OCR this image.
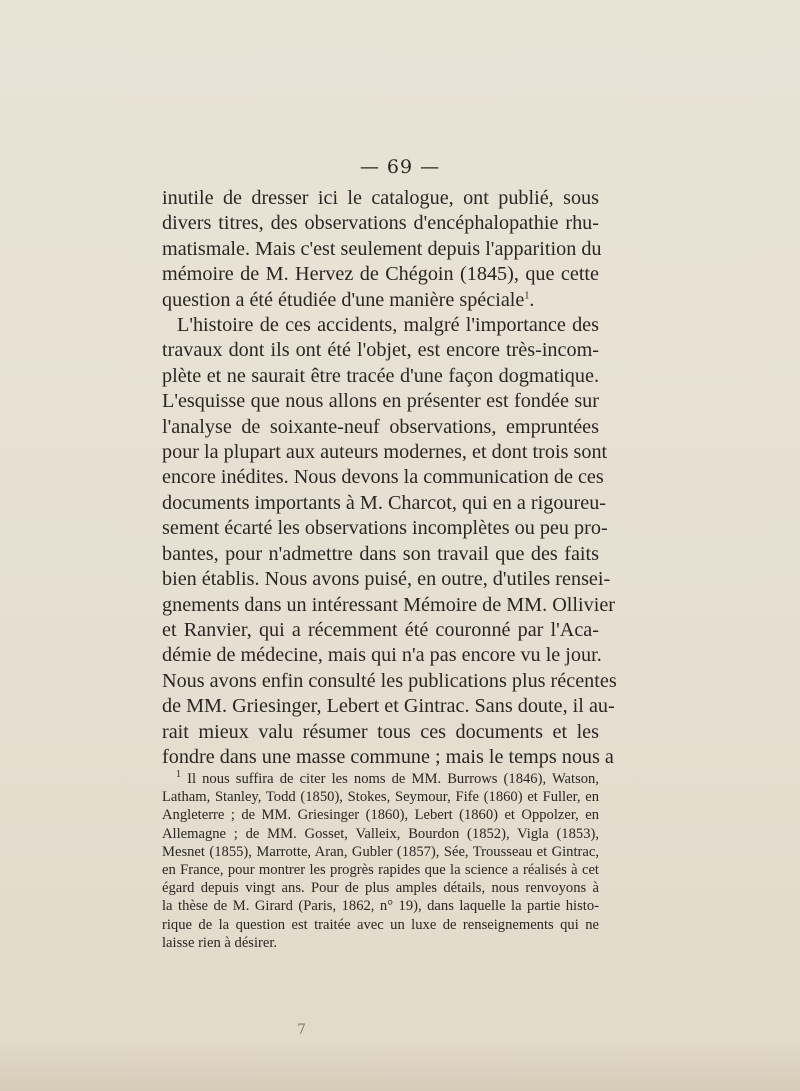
— 69 —
inutile de dresser ici le catalogue, ont publié, sous
divers titres, des observations d'encéphalopathie rhu-
matismale. Mais c'est seulement depuis l'apparition du
mémoire de M. Hervez de Chégoin (1845), que cette
question a été étudiée d'une manière spéciale$^1$.
L'histoire de ces accidents, malgré l'importance des
travaux dont ils ont été l'objet, est encore très-incom-
plète et ne saurait être tracée d'une façon dogmatique.
L'esquisse que nous allons en présenter est fondée sur
l'analyse de soixante-neuf observations, empruntées
pour la plupart aux auteurs modernes, et dont trois sont
encore inédites. Nous devons la communication de ces
documents importants à M. Charcot, qui en a rigoureu-
sement écarté les observations incomplètes ou peu pro-
bantes, pour n'admettre dans son travail que des faits
bien établis. Nous avons puisé, en outre, d'utiles rensei-
gnements dans un intéressant Mémoire de MM. Ollivier
et Ranvier, qui a récemment été couronné par l'Aca-
démie de médecine, mais qui n'a pas encore vu le jour.
Nous avons enfin consulté les publications plus récentes
de MM. Griesinger, Lebert et Gintrac. Sans doute, il au-
rait mieux valu résumer tous ces documents et les
fondre dans une masse commune ; mais le temps nous a
$^1$ Il nous suffira de citer les noms de MM. Burrows (1846), Watson,
Latham, Stanley, Todd (1850), Stokes, Seymour, Fife (1860) et Fuller, en
Angleterre ; de MM. Griesinger (1860), Lebert (1860) et Oppolzer, en
Allemagne ; de MM. Gosset, Valleix, Bourdon (1852), Vigla (1853),
Mesnet (1855), Marrotte, Aran, Gubler (1857), Sée, Trousseau et Gintrac,
en France, pour montrer les progrès rapides que la science a réalisés à cet
égard depuis vingt ans. Pour de plus amples détails, nous renvoyons à
la thèse de M. Girard (Paris, 1862, n° 19), dans laquelle la partie histo-
rique de la question est traitée avec un luxe de renseignements qui ne
laisse rien à désirer.
7
